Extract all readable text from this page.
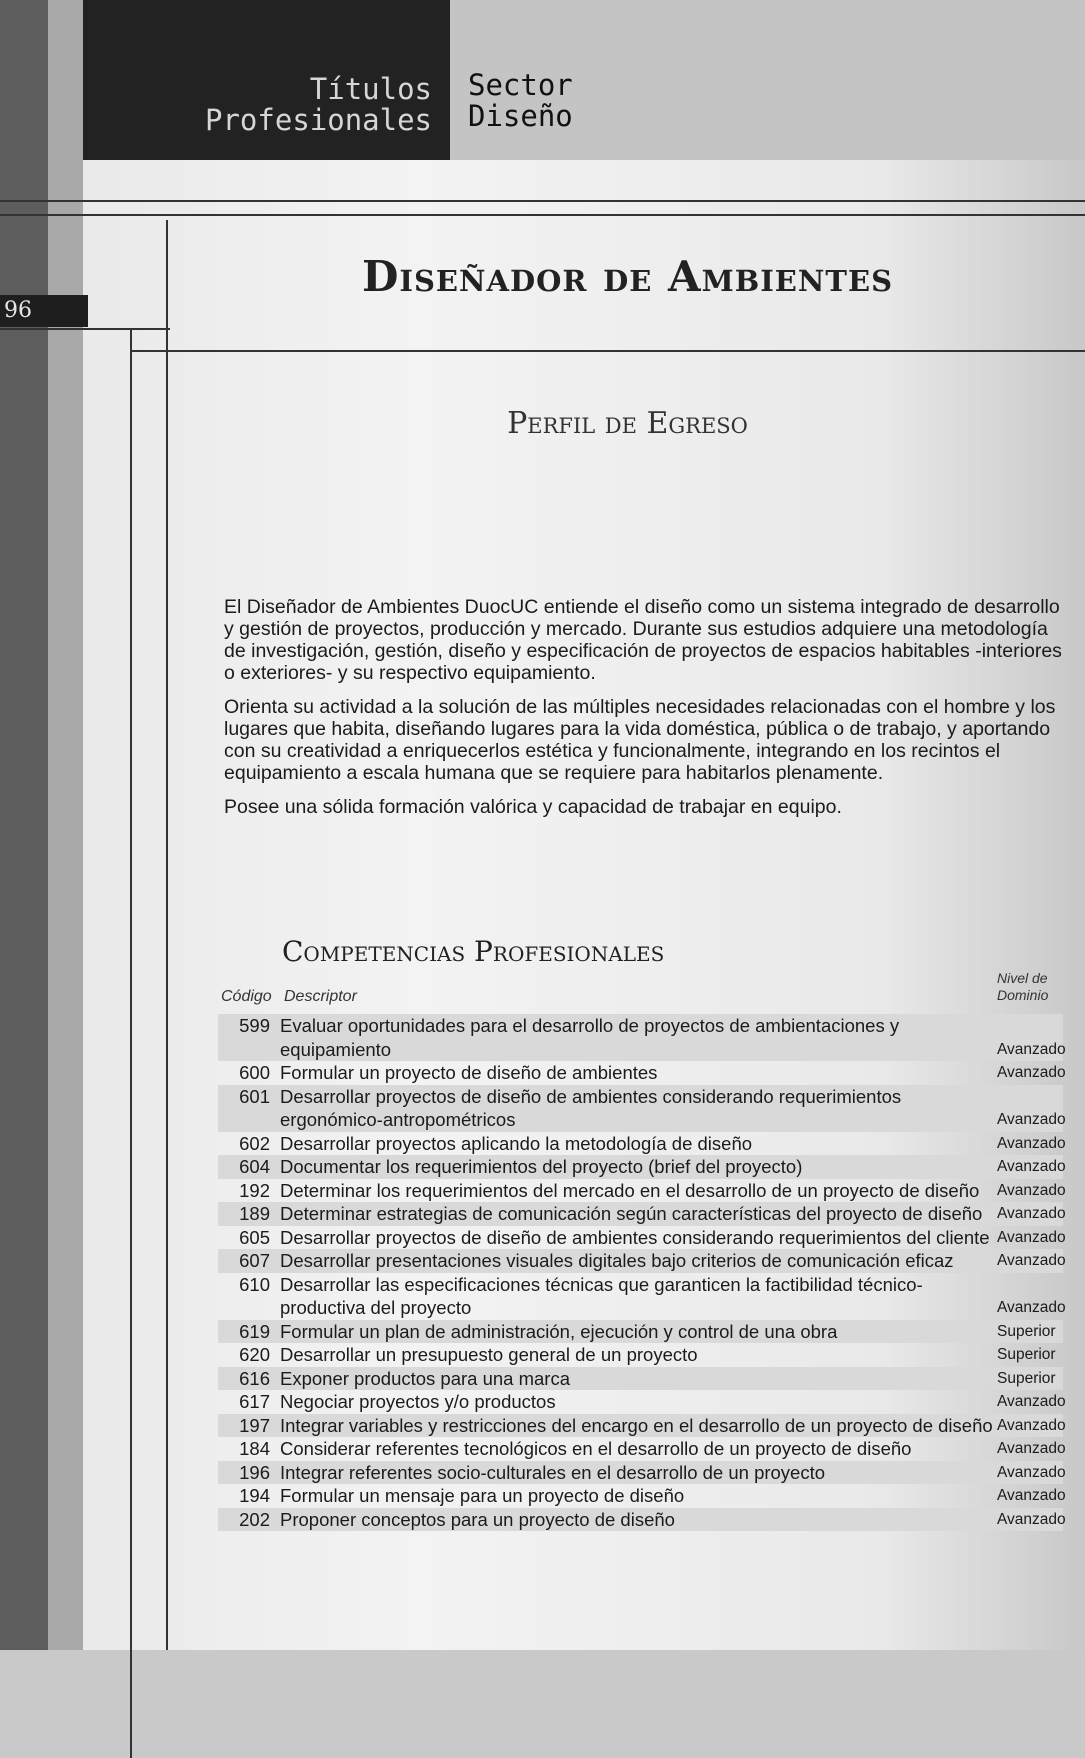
Títulos
Profesionales
Sector
Diseño
96
Diseñador de Ambientes
Perfil de Egreso

El Diseñador de Ambientes DuocUC entiende el diseño como un sistema integrado de desarrollo y gestión de proyectos, producción y mercado. Durante sus estudios adquiere una metodología de investigación, gestión, diseño y especificación de proyectos de espacios habitables -interiores o exteriores- y su respectivo equipamiento.

Orienta su actividad a la solución de las múltiples necesidades relacionadas con el hombre y los lugares que habita, diseñando lugares para la vida doméstica, pública o de trabajo, y aportando con su creatividad a enriquecerlos estética y funcionalmente, integrando en los recintos el equipamiento a escala humana que se requiere para habitarlos plenamente.

Posee una sólida formación valórica y capacidad de trabajar en equipo.

Competencias Profesionales
Código Descriptor
Nivel de
Dominio
599 Evaluar oportunidades para el desarrollo de proyectos de ambientaciones y equipamiento	Avanzado
600 Formular un proyecto de diseño de ambientes	Avanzado
601 Desarrollar proyectos de diseño de ambientes considerando requerimientos ergonómico-antropométricos	Avanzado
602 Desarrollar proyectos aplicando la metodología de diseño	Avanzado
604 Documentar los requerimientos del proyecto (brief del proyecto)	Avanzado
192 Determinar los requerimientos del mercado en el desarrollo de un proyecto de diseño	Avanzado
189 Determinar estrategias de comunicación según características del proyecto de diseño Avanzado
605 Desarrollar proyectos de diseño de ambientes considerando requerimientos del cliente Avanzado
607 Desarrollar presentaciones visuales digitales bajo criterios de comunicación eficaz	Avanzado
610 Desarrollar las especificaciones técnicas que garanticen la factibilidad técnico-productiva del proyecto	Avanzado
619 Formular un plan de administración, ejecución y control de una obra	Superior
620 Desarrollar un presupuesto general de un proyecto	Superior
616 Exponer productos para una marca	Superior
617 Negociar proyectos y/o productos	Avanzado
197 Integrar variables y restricciones del encargo en el desarrollo de un proyecto de diseño Avanzado
184 Considerar referentes tecnológicos en el desarrollo de un proyecto de diseño	Avanzado
196 Integrar referentes socio-culturales en el desarrollo de un proyecto	Avanzado
194 Formular un mensaje para un proyecto de diseño	Avanzado
202 Proponer conceptos para un proyecto de diseño	Avanzado
